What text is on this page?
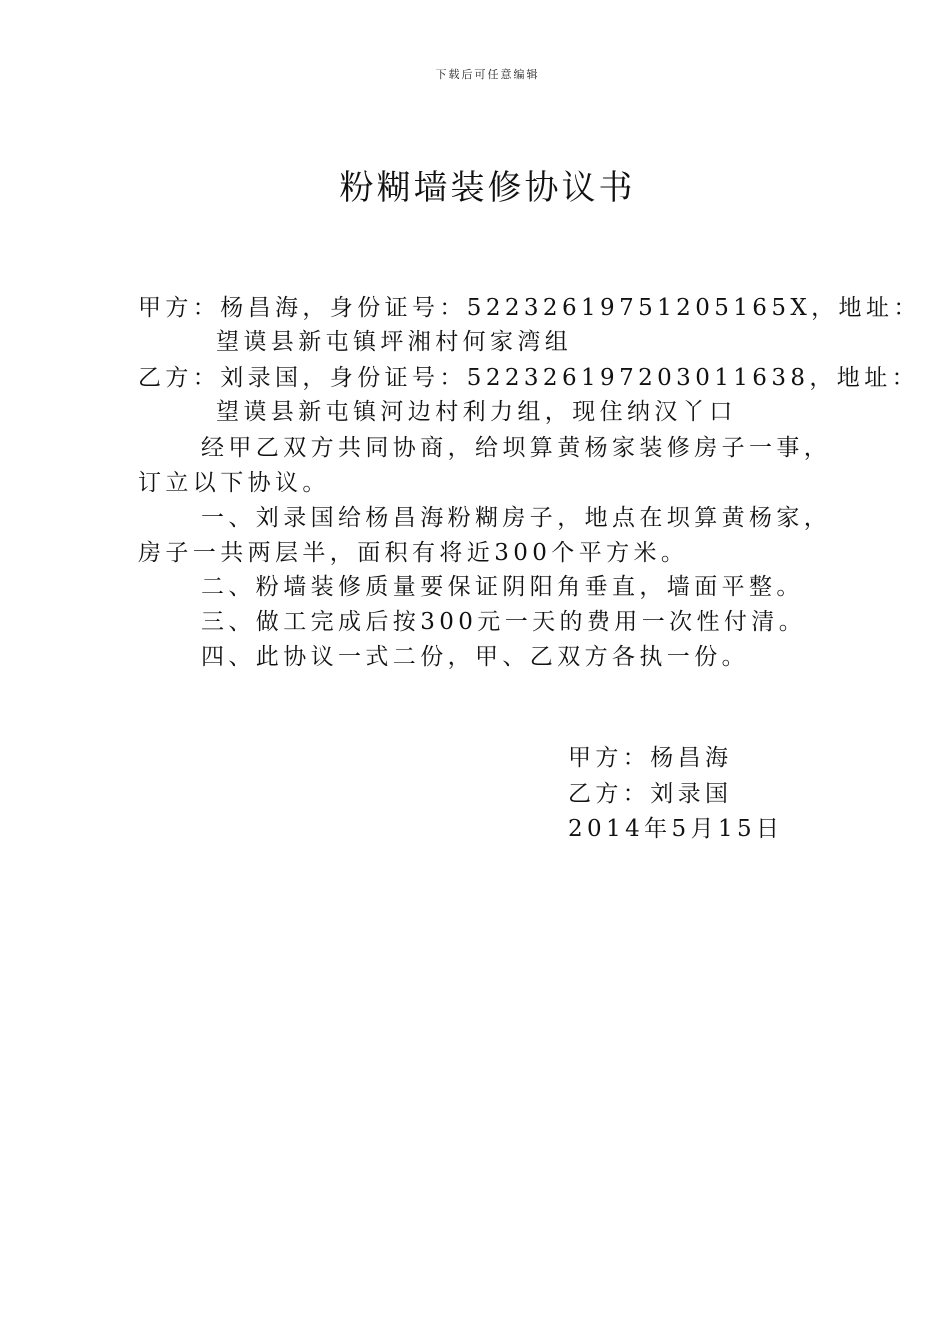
下载后可任意编辑
粉糊墙装修协议书
甲方：杨昌海，身份证号：52232619751205165X，地址：
望谟县新屯镇坪湘村何家湾组
乙方：刘录国，身份证号：522326197203011638，地址：
望谟县新屯镇河边村利力组，现住纳汉丫口
经甲乙双方共同协商，给坝算黄杨家装修房子一事，
订立以下协议。
一、刘录国给杨昌海粉糊房子，地点在坝算黄杨家，
房子一共两层半，面积有将近300个平方米。
二、粉墙装修质量要保证阴阳角垂直，墙面平整。
三、做工完成后按300元一天的费用一次性付清。
四、此协议一式二份，甲、乙双方各执一份。
甲方：杨昌海
乙方：刘录国
2014年5月15日
